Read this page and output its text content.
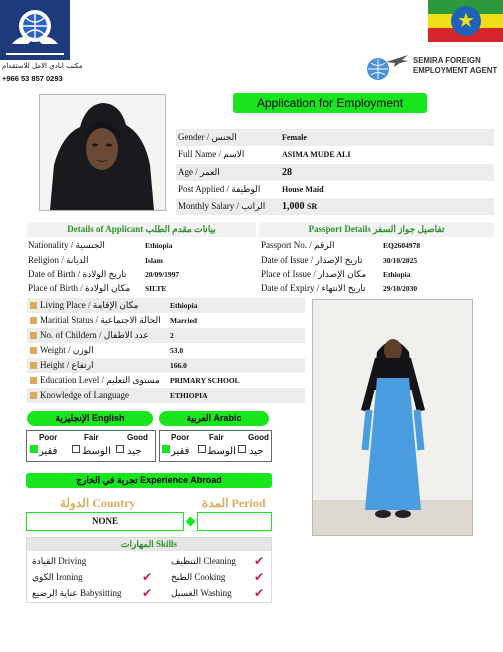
مكتب ابادي الامل للاستقدام
+966 53 857 0293
★
SEMIRA FOREIGN EMPLOYMENT AGENT
Application for Employment
Gender / الجنس	Female
Full Name / الاسم	ASIMA MUDE ALI
Age / العمر	28
Post Applied / الوظيفة	House Maid
Monthly Salary / الراتب	1,000 SR
Details of Applicant بيانات مقدم الطلب	Passport Details تفاصيل جواز السفر
Nationality / الجنسية	Ethiopia
Religion / الديانة	Islam
Date of Birth / تاريخ الولادة 20/09/1997
Place of Birth / مكان الولادة SILTE
Passport No. / الرقم	EQ2604978
Date of Issue / تاريخ الإصدار	30/10/2025
Place of Issue / مكان الإصدار Ethiopia
Date of Expiry / تاريخ الانتهاء 29/10/2030
Living Place / مكان الإقامة	Ethiopia
Maritial Status / الحالة الاجتماعية Married
No. of Childern / عدد الاطفال	2
Weight / الوزن	53.0
Height / ارتفاع	166.0
Education Level / مستوى التعليم PRIMARY SCHOOL
Knowledge of Language	ETHIOPIA
الإنجليزية English	العربية Arabic
Poor
فقير
Fair
الوسط
Good
جيد
Poor
فقير
Fair
الوسط
Good
جيد
تجربة في الخارج Experience Abroad
الدولة Country	المدة Period
NONE
المهارات Skills
القيادة Driving	التنظيف Cleaning ✔
الكوي Ironing	✔ الطبخ Cooking ✔
عناية الرضيع Babysitting ✔ الغسيل Washing ✔
